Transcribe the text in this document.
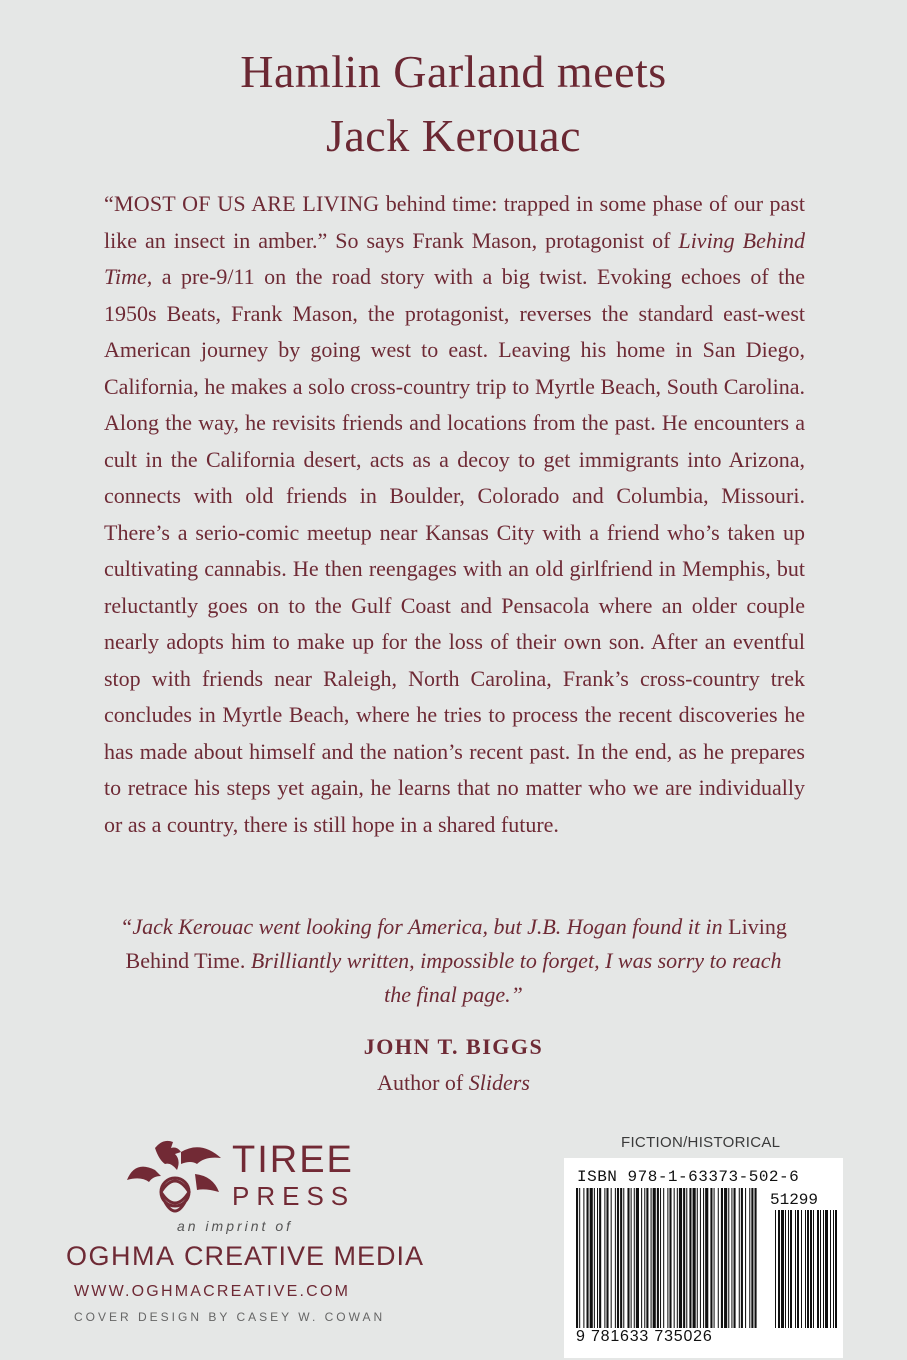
Hamlin Garland meets
Jack Kerouac
“MOST OF US ARE LIVING behind time: trapped in some phase of our past like an insect in amber.” So says Frank Mason, protagonist of Living Behind Time, a pre-9/11 on the road story with a big twist. Evoking echoes of the 1950s Beats, Frank Mason, the protagonist, reverses the standard east-west American journey by going west to east. Leaving his home in San Diego, California, he makes a solo cross-country trip to Myrtle Beach, South Carolina. Along the way, he revisits friends and locations from the past. He encounters a cult in the California desert, acts as a decoy to get immigrants into Arizona, connects with old friends in Boulder, Colorado and Columbia, Missouri. There’s a serio-comic meetup near Kansas City with a friend who’s taken up cultivating cannabis. He then reengages with an old girlfriend in Memphis, but reluctantly goes on to the Gulf Coast and Pensacola where an older couple nearly adopts him to make up for the loss of their own son. After an eventful stop with friends near Raleigh, North Carolina, Frank’s cross-country trek concludes in Myrtle Beach, where he tries to process the recent discoveries he has made about himself and the nation’s recent past. In the end, as he prepares to retrace his steps yet again, he learns that no matter who we are individually or as a country, there is still hope in a shared future.
“Jack Kerouac went looking for America, but J.B. Hogan found it in Living Behind Time. Brilliantly written, impossible to forget, I was sorry to reach the final page.”
JOHN T. BIGGS
Author of Sliders
TIREE
PRESS
an imprint of
OGHMA CREATIVE MEDIA
WWW.OGHMACREATIVE.COM
COVER DESIGN BY CASEY W. COWAN
FICTION/HISTORICAL
ISBN 978-1-63373-502-6
51299
9 781633 735026
